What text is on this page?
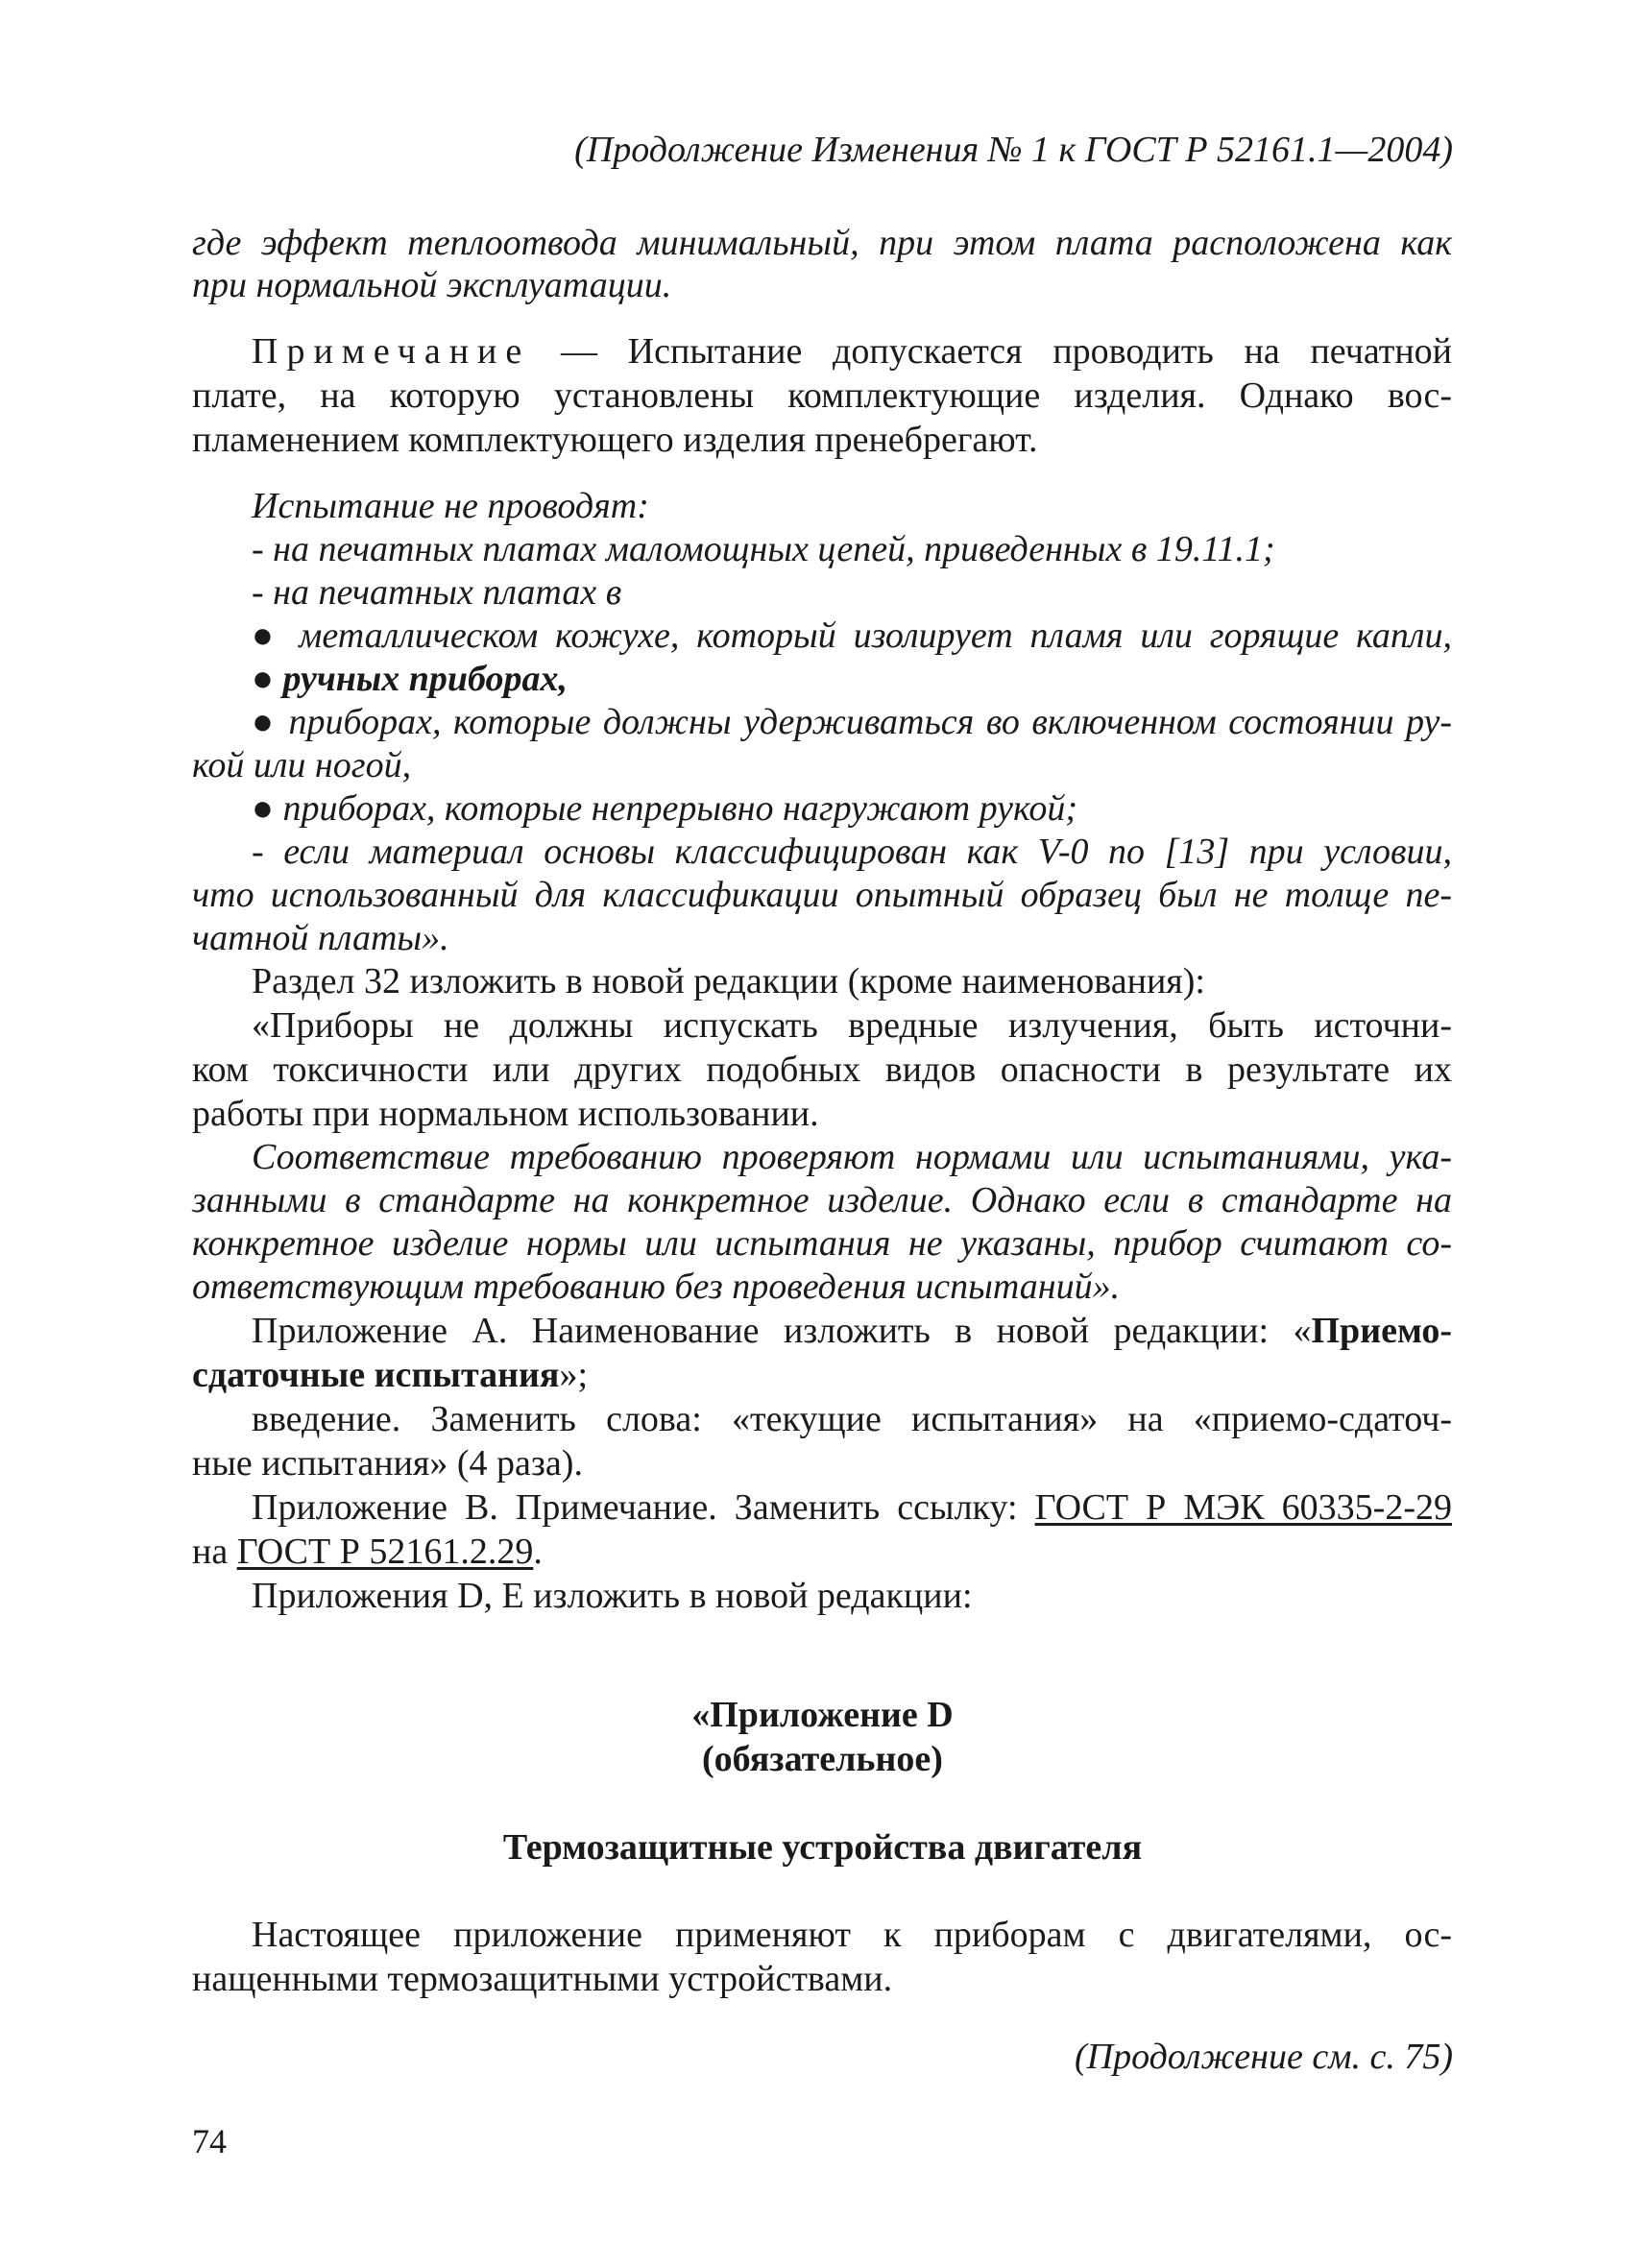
(Продолжение Изменения № 1 к ГОСТ Р 52161.1—2004)
где эффект теплоотвода минимальный, при этом плата расположена как
при нормальной эксплуатации.
Примечание — Испытание допускается проводить на печатной
плате, на которую установлены комплектующие изделия. Однако вос-
пламенением комплектующего изделия пренебрегают.
Испытание не проводят:
- на печатных платах маломощных цепей, приведенных в 19.11.1;
- на печатных платах в
● металлическом кожухе, который изолирует пламя или горящие капли,
● ручных приборах,
● приборах, которые должны удерживаться во включенном состоянии ру-
кой или ногой,
● приборах, которые непрерывно нагружают рукой;
- если материал основы классифицирован как V-0 по [13] при условии,
что использованный для классификации опытный образец был не толще пе-
чатной платы».
Раздел 32 изложить в новой редакции (кроме наименования):
«Приборы не должны испускать вредные излучения, быть источни-
ком токсичности или других подобных видов опасности в результате их
работы при нормальном использовании.
Соответствие требованию проверяют нормами или испытаниями, ука-
занными в стандарте на конкретное изделие. Однако если в стандарте на
конкретное изделие нормы или испытания не указаны, прибор считают со-
ответствующим требованию без проведения испытаний».
Приложение А. Наименование изложить в новой редакции: «Приемо-
сдаточные испытания»;
введение. Заменить слова: «текущие испытания» на «приемо-сдаточ-
ные испытания» (4 раза).
Приложение В. Примечание. Заменить ссылку: ГОСТ Р МЭК 60335-2-29
на ГОСТ Р 52161.2.29.
Приложения D, Е изложить в новой редакции:
«Приложение D
(обязательное)
Термозащитные устройства двигателя
Настоящее приложение применяют к приборам с двигателями, ос-
нащенными термозащитными устройствами.
(Продолжение см. с. 75)
74
